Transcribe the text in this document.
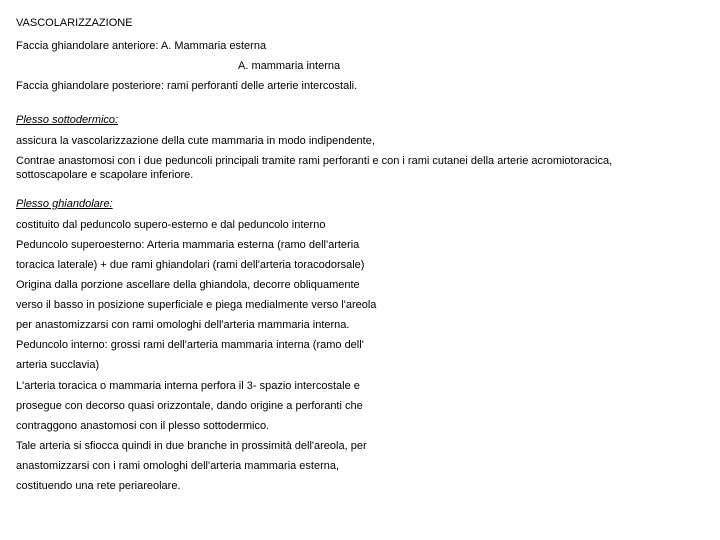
VASCOLARIZZAZIONE
Faccia ghiandolare anteriore: A. Mammaria esterna
A. mammaria interna
Faccia ghiandolare posteriore: rami perforanti delle arterie intercostali.
Plesso sottodermico:
assicura la vascolarizzazione della cute mammaria in modo indipendente,
Contrae anastomosi con i due peduncoli principali tramite rami perforanti e con i rami cutanei della arterie acromiotoracica,
sottoscapolare e scapolare inferiore.
Plesso ghiandolare:
costituito dal peduncolo supero-esterno e dal peduncolo interno
Peduncolo superoesterno: Arteria mammaria esterna (ramo dell'arteria
toracica laterale) + due rami ghiandolari (rami dell'arteria toracodorsale)
Origina dalla porzione ascellare della ghiandola, decorre obliquamente
verso il basso in posizione superficiale e piega medialmente verso l'areola
per anastomizzarsi con rami omologhi dell'arteria mammaria interna.
Peduncolo interno: grossi rami dell'arteria mammaria interna (ramo dell'
arteria succlavia)
L'arteria toracica o mammaria interna perfora il 3- spazio intercostale e
prosegue con decorso quasi orizzontale, dando origine a perforanti che
contraggono anastomosi con il plesso sottodermico.
Tale arteria si sfiocca quindi in due branche in prossimità dell'areola, per
anastomizzarsi con i rami omologhi dell'arteria mammaria esterna,
costituendo una rete periareolare.
